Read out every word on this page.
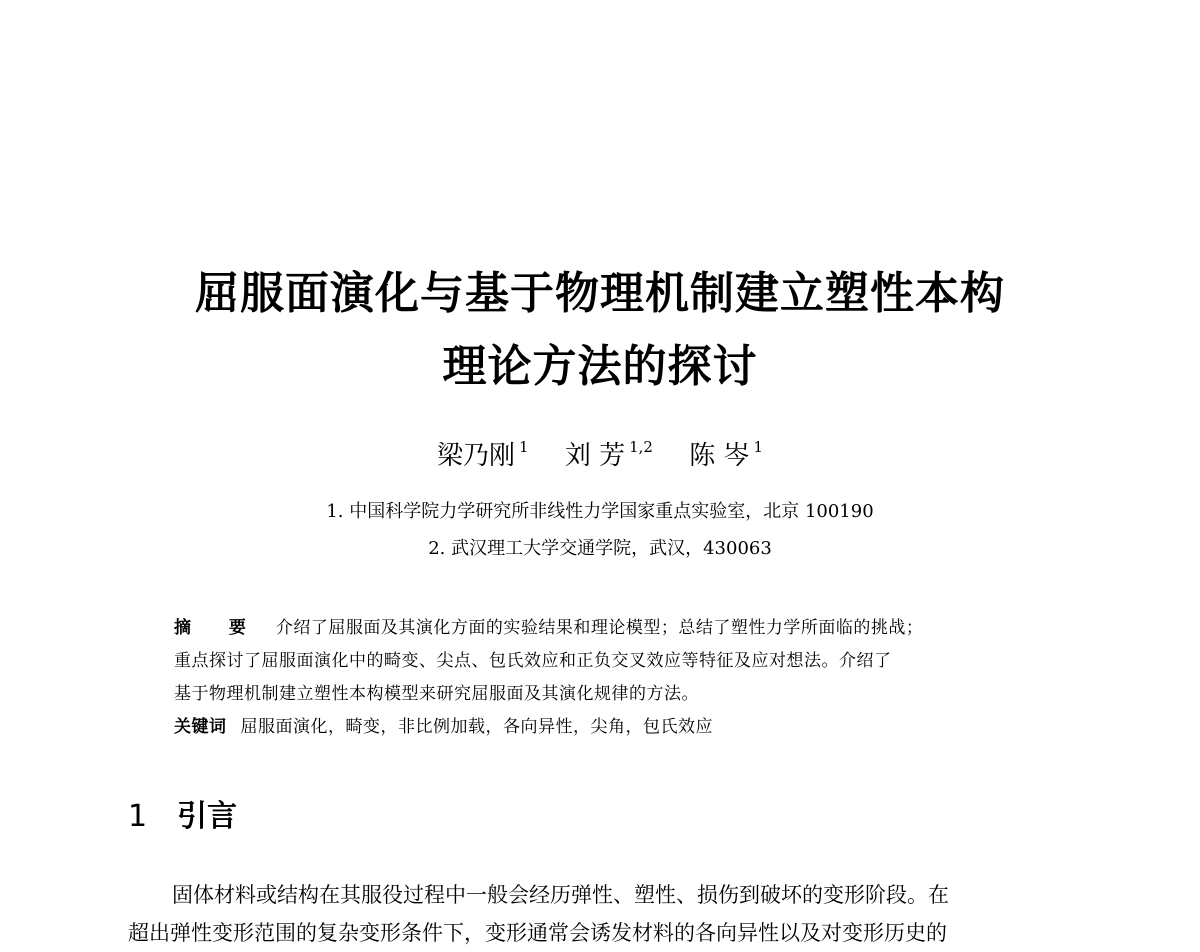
屈服面演化与基于物理机制建立塑性本构
理论方法的探讨
梁乃刚 $^1$ 刘 芳 $^{1,2}$ 陈 岑 $^1$
1. 中国科学院力学研究所非线性力学国家重点实验室，北京 100190
2. 武汉理工大学交通学院，武汉，430063
摘 要 介绍了屈服面及其演化方面的实验结果和理论模型；总结了塑性力学所面临的挑战；
重点探讨了屈服面演化中的畸变、尖点、包氏效应和正负交叉效应等特征及应对想法。介绍了
基于物理机制建立塑性本构模型来研究屈服面及其演化规律的方法。
关键词 屈服面演化，畸变，非比例加载，各向异性，尖角，包氏效应
1 引言
固体材料或结构在其服役过程中一般会经历弹性、塑性、损伤到破坏的变形阶段。在
超出弹性变形范围的复杂变形条件下，变形通常会诱发材料的各向异性以及对变形历史的
